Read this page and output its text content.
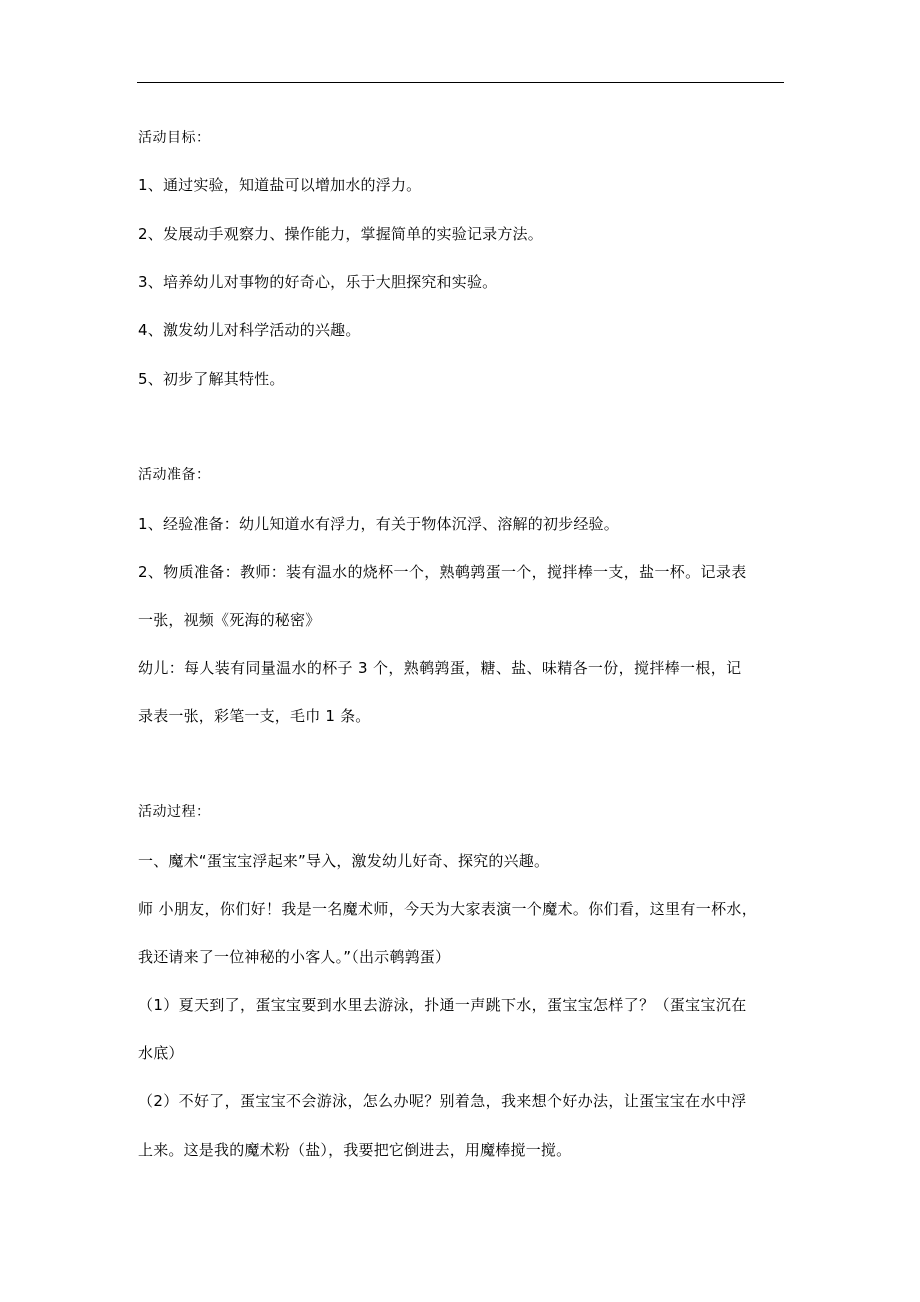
活动目标：
1、通过实验，知道盐可以增加水的浮力。
2、发展动手观察力、操作能力，掌握简单的实验记录方法。
3、培养幼儿对事物的好奇心，乐于大胆探究和实验。
4、激发幼儿对科学活动的兴趣。
5、初步了解其特性。
活动准备：
1、经验准备：幼儿知道水有浮力，有关于物体沉浮、溶解的初步经验。
2、物质准备：教师：装有温水的烧杯一个，熟鹌鹑蛋一个，搅拌棒一支，盐一杯。记录表
一张，视频《死海的秘密》
幼儿：每人装有同量温水的杯子 3 个，熟鹌鹑蛋，糖、盐、味精各一份，搅拌棒一根，记
录表一张，彩笔一支，毛巾 1 条。
活动过程：
一、魔术“蛋宝宝浮起来”导入，激发幼儿好奇、探究的兴趣。
师 小朋友，你们好！我是一名魔术师，今天为大家表演一个魔术。你们看，这里有一杯水，
我还请来了一位神秘的小客人。”（出示鹌鹑蛋）
（1）夏天到了，蛋宝宝要到水里去游泳，扑通一声跳下水，蛋宝宝怎样了？（蛋宝宝沉在
水底）
（2）不好了，蛋宝宝不会游泳，怎么办呢？别着急，我来想个好办法，让蛋宝宝在水中浮
上来。这是我的魔术粉（盐），我要把它倒进去，用魔棒搅一搅。
